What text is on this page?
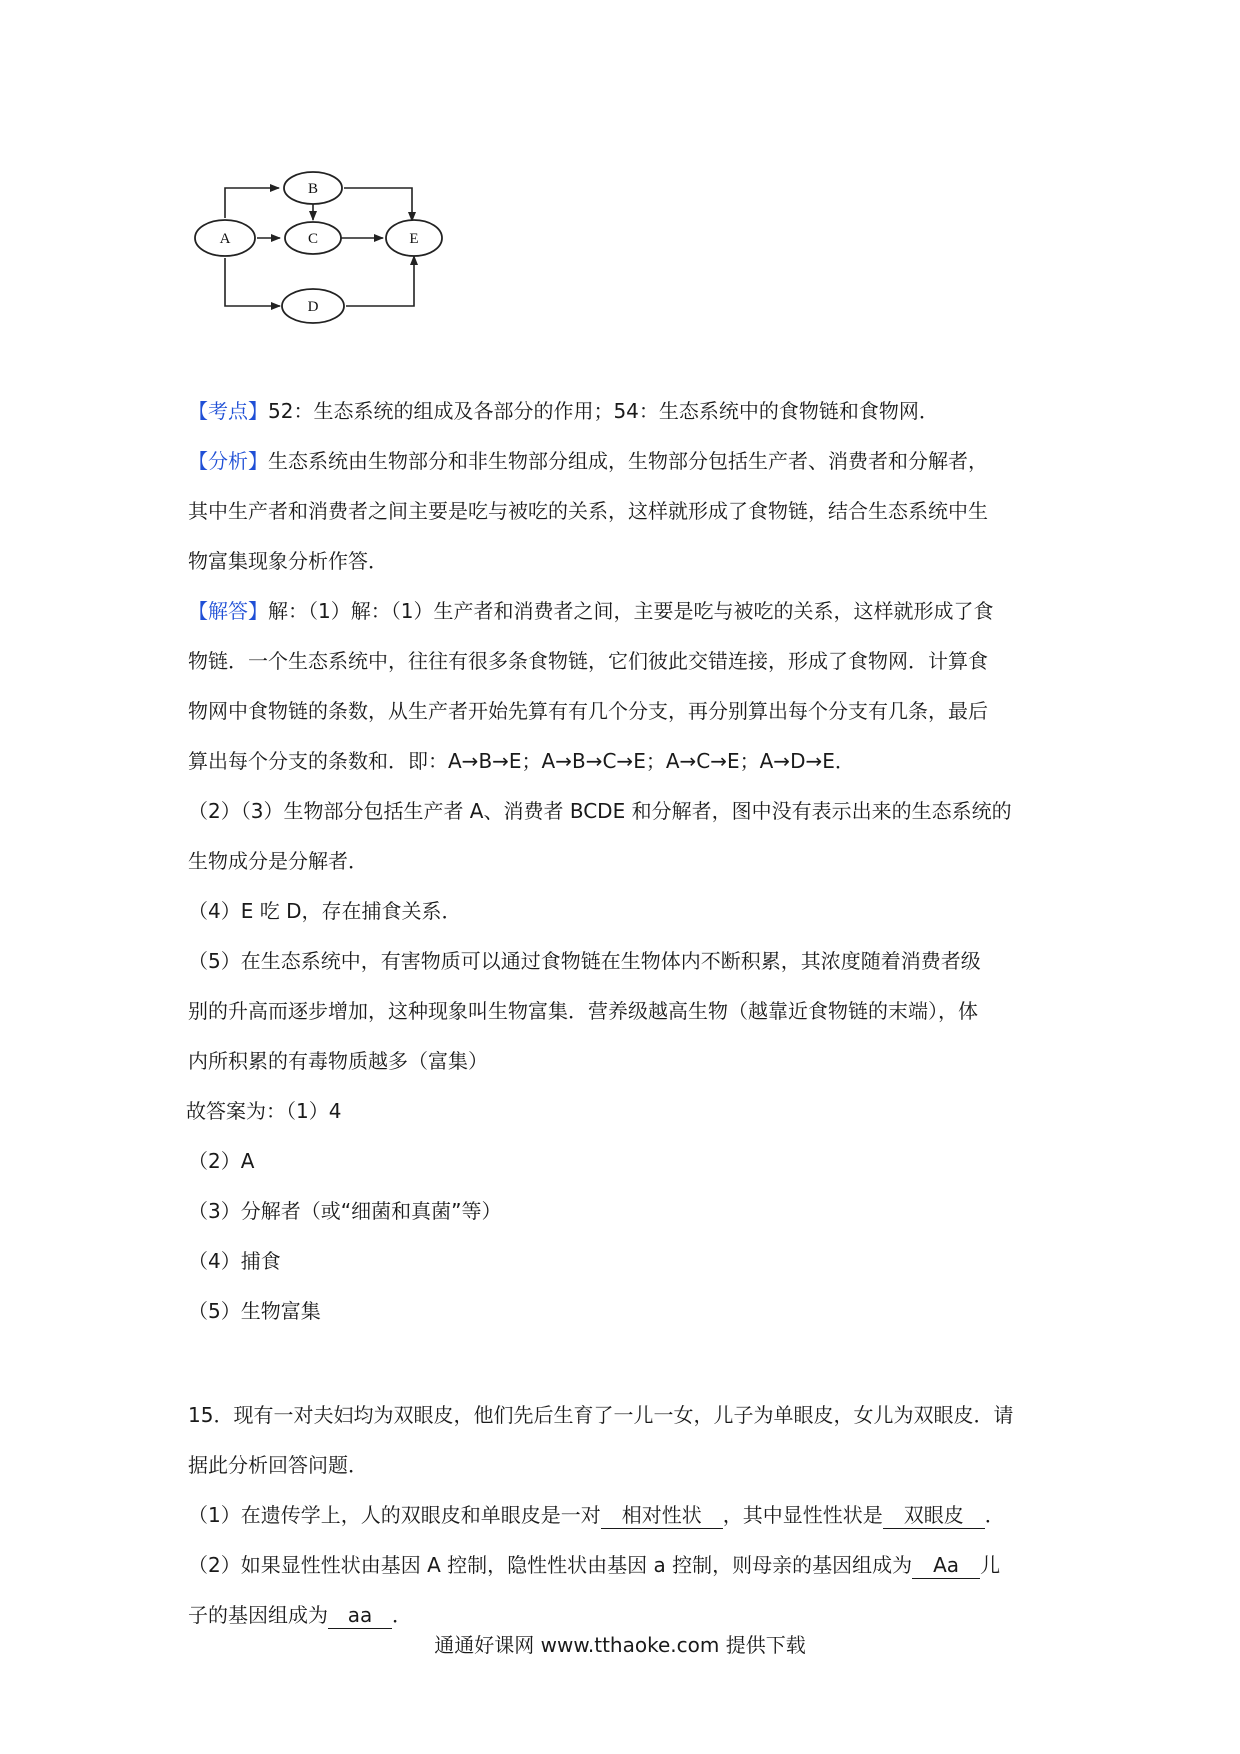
A
B
C
D
E
【考点】52：生态系统的组成及各部分的作用；54：生态系统中的食物链和食物网．
【分析】生态系统由生物部分和非生物部分组成，生物部分包括生产者、消费者和分解者，
其中生产者和消费者之间主要是吃与被吃的关系，这样就形成了食物链，结合生态系统中生
物富集现象分析作答．
【解答】解：（1）解：（1）生产者和消费者之间，主要是吃与被吃的关系，这样就形成了食
物链．一个生态系统中，往往有很多条食物链，它们彼此交错连接，形成了食物网．计算食
物网中食物链的条数，从生产者开始先算有有几个分支，再分别算出每个分支有几条，最后
算出每个分支的条数和．即：A→B→E；A→B→C→E；A→C→E；A→D→E．
（2）（3）生物部分包括生产者 A、消费者 BCDE 和分解者，图中没有表示出来的生态系统的
生物成分是分解者．
（4）E 吃 D，存在捕食关系．
（5）在生态系统中，有害物质可以通过食物链在生物体内不断积累，其浓度随着消费者级
别的升高而逐步增加，这种现象叫生物富集．营养级越高生物（越靠近食物链的末端），体
内所积累的有毒物质越多（富集）
故答案为：（1）4
（2）A
（3）分解者（或“细菌和真菌”等）
（4）捕食
（5）生物富集
15．现有一对夫妇均为双眼皮，他们先后生育了一儿一女，儿子为单眼皮，女儿为双眼皮．请
据此分析回答问题．
（1）在遗传学上，人的双眼皮和单眼皮是一对 相对性状 ，其中显性性状是 双眼皮 ．
（2）如果显性性状由基因 A 控制，隐性性状由基因 a 控制，则母亲的基因组成为 Aa 儿
子的基因组成为 aa ．
通通好课网 www.tthaoke.com 提供下载
